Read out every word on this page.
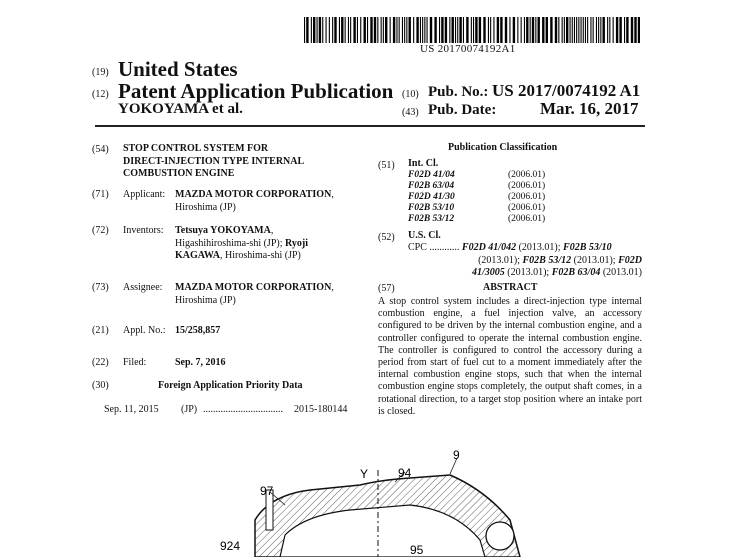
US 20170074192A1
(19) United States
(12) Patent Application Publication
YOKOYAMA et al.
(10) Pub. No.: US 2017/0074192 A1
(43) Pub. Date:	Mar. 16, 2017
(54) STOP CONTROL SYSTEM FOR
DIRECT-INJECTION TYPE INTERNAL
COMBUSTION ENGINE
(71) Applicant: MAZDA MOTOR CORPORATION,
Hiroshima (JP)
(72) Inventors: Tetsuya YOKOYAMA,
Higashihiroshima-shi (JP); Ryoji
KAGAWA, Hiroshima-shi (JP)
(73) Assignee: MAZDA MOTOR CORPORATION,
Hiroshima (JP)
(21) Appl. No.: 15/258,857
(22) Filed:	Sep. 7, 2016
(30)	Foreign Application Priority Data
Sep. 11, 2015 (JP) ................................ 2015-180144
Publication Classification
(51) Int. Cl.
F02D 41/04	(2006.01)
F02B 63/04	(2006.01)
F02D 41/30	(2006.01)
F02B 53/10	(2006.01)
F02B 53/12	(2006.01)
(52) U.S. Cl.
CPC ............ F02D 41/042 (2013.01); F02B 53/10
(2013.01); F02B 53/12 (2013.01); F02D
41/3005 (2013.01); F02B 63/04 (2013.01)
(57)	ABSTRACT
A stop control system includes a direct-injection type internal combustion engine, a fuel injection valve, an accessory configured to be driven by the internal combustion engine, and a controller configured to operate the internal combustion engine. The controller is configured to control the accessory during a period from start of fuel cut to a moment immediately after the internal combustion engine stops, such that when the internal combustion engine stops completely, the output shaft comes, in a rotational direction, to a target stop position where an intake port is closed.
9
Y 94
97
924	95
